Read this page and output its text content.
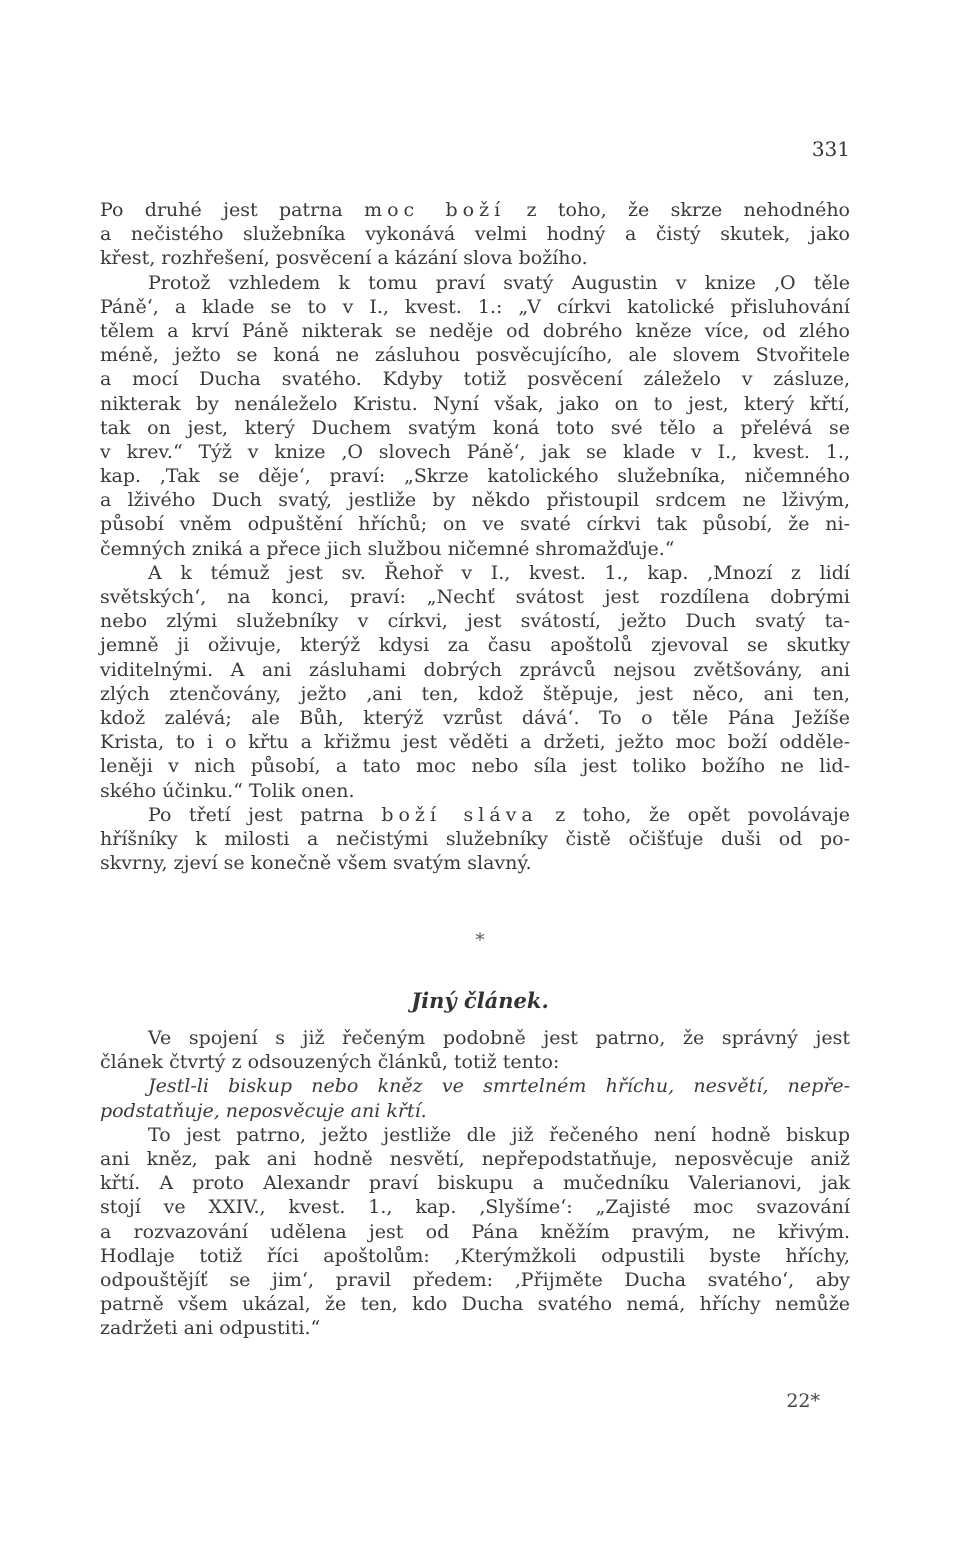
331
Po druhé jest patrna moc boží z toho, že skrze nehodného
a nečistého služebníka vykonává velmi hodný a čistý skutek, jako
křest, rozhřešení, posvěcení a kázání slova božího.
Protož vzhledem k tomu praví svatý Augustin v knize ‚O těle
Páně‘, a klade se to v I., kvest. 1.: „V církvi katolické přisluhování
tělem a krví Páně nikterak se neděje od dobrého kněze více, od zlého
méně, ježto se koná ne zásluhou posvěcujícího, ale slovem Stvořitele
a mocí Ducha svatého. Kdyby totiž posvěcení záleželo v zásluze,
nikterak by nenáleželo Kristu. Nyní však, jako on to jest, který křtí,
tak on jest, který Duchem svatým koná toto své tělo a přelévá se
v krev.“ Týž v knize ‚O slovech Páně‘, jak se klade v I., kvest. 1.,
kap. ‚Tak se děje‘, praví: „Skrze katolického služebníka, ničemného
a lživého Duch svatý, jestliže by někdo přistoupil srdcem ne lživým,
působí vněm odpuštění hříchů; on ve svaté církvi tak působí, že ni-
čemných zniká a přece jich službou ničemné shromažďuje.“
A k témuž jest sv. Řehoř v I., kvest. 1., kap. ‚Mnozí z lidí
světských‘, na konci, praví: „Nechť svátost jest rozdílena dobrými
nebo zlými služebníky v církvi, jest svátostí, ježto Duch svatý ta-
jemně ji oživuje, kterýž kdysi za času apoštolů zjevoval se skutky
viditelnými. A ani zásluhami dobrých zprávců nejsou zvětšovány, ani
zlých ztenčovány, ježto ‚ani ten, kdož štěpuje, jest něco, ani ten,
kdož zalévá; ale Bůh, kterýž vzrůst dává‘. To o těle Pána Ježíše
Krista, to i o křtu a křižmu jest věděti a držeti, ježto moc boží odděle-
leněji v nich působí, a tato moc nebo síla jest toliko božího ne lid-
ského účinku.“ Tolik onen.
Po třetí jest patrna boží sláva z toho, že opět povolávaje
hříšníky k milosti a nečistými služebníky čistě očišťuje duši od po-
skvrny, zjeví se konečně všem svatým slavný.
*
Jiný článek.
Ve spojení s již řečeným podobně jest patrno, že správný jest
článek čtvrtý z odsouzených článků, totiž tento:
Jestl-li biskup nebo kněz ve smrtelném hříchu, nesvětí, nepře-
podstatňuje, neposvěcuje ani křtí.
To jest patrno, ježto jestliže dle již řečeného není hodně biskup
ani kněz, pak ani hodně nesvětí, nepřepodstatňuje, neposvěcuje aniž
křtí. A proto Alexandr praví biskupu a mučedníku Valerianovi, jak
stojí ve XXIV., kvest. 1., kap. ‚Slyšíme‘: „Zajisté moc svazování
a rozvazování udělena jest od Pána kněžím pravým, ne křivým.
Hodlaje totiž říci apoštolům: ‚Kterýmžkoli odpustili byste hříchy,
odpouštějíť se jim‘, pravil předem: ‚Přijměte Ducha svatého‘, aby
patrně všem ukázal, že ten, kdo Ducha svatého nemá, hříchy nemůže
zadržeti ani odpustiti.“
22*
